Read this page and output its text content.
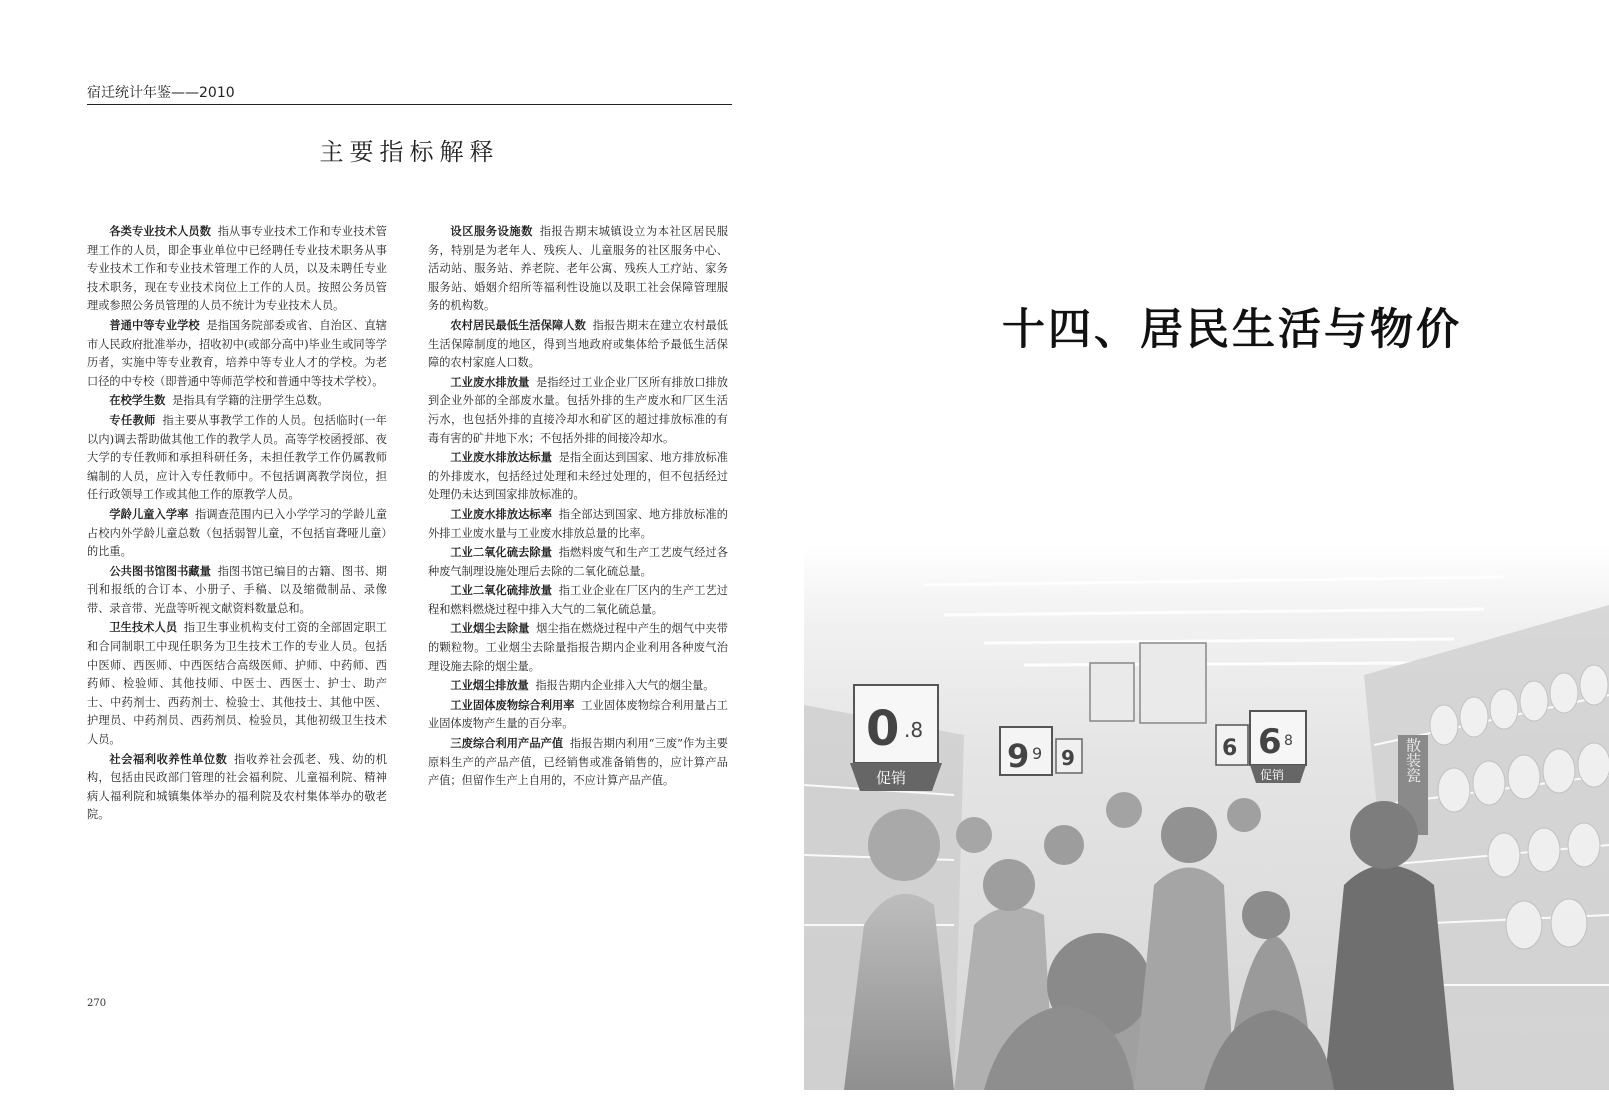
宿迁统计年鉴——2010
主要指标解释

各类专业技术人员数 指从事专业技术工作和专业技术管理工作的人员，即企事业单位中已经聘任专业技术职务从事专业技术工作和专业技术管理工作的人员，以及未聘任专业技术职务，现在专业技术岗位上工作的人员。按照公务员管理或参照公务员管理的人员不统计为专业技术人员。

普通中等专业学校 是指国务院部委或省、自治区、直辖市人民政府批准举办，招收初中(或部分高中)毕业生或同等学历者，实施中等专业教育，培养中等专业人才的学校。为老口径的中专校（即普通中等师范学校和普通中等技术学校）。

在校学生数 是指具有学籍的注册学生总数。

专任教师 指主要从事教学工作的人员。包括临时(一年以内)调去帮助做其他工作的教学人员。高等学校函授部、夜大学的专任教师和承担科研任务，未担任教学工作仍属教师编制的人员，应计入专任教师中。不包括调离教学岗位，担任行政领导工作或其他工作的原教学人员。

学龄儿童入学率 指调查范围内已入小学学习的学龄儿童占校内外学龄儿童总数（包括弱智儿童，不包括盲聋哑儿童）的比重。

公共图书馆图书藏量 指图书馆已编目的古籍、图书、期刊和报纸的合订本、小册子、手稿、以及缩微制品、录像带、录音带、光盘等听视文献资料数量总和。

卫生技术人员 指卫生事业机构支付工资的全部固定职工和合同制职工中现任职务为卫生技术工作的专业人员。包括中医师、西医师、中西医结合高级医师、护师、中药师、西药师、检验师、其他技师、中医士、西医士、护士、助产士、中药剂士、西药剂士、检验士、其他技士、其他中医、护理员、中药剂员、西药剂员、检验员，其他初级卫生技术人员。

社会福利收养性单位数 指收养社会孤老、残、幼的机构，包括由民政部门管理的社会福利院、儿童福利院、精神病人福利院和城镇集体举办的福利院及农村集体举办的敬老院。

设区服务设施数 指报告期末城镇设立为本社区居民服务，特别是为老年人、残疾人、儿童服务的社区服务中心、活动站、服务站、养老院、老年公寓、残疾人工疗站、家务服务站、婚姻介绍所等福利性设施以及职工社会保障管理服务的机构数。

农村居民最低生活保障人数 指报告期末在建立农村最低生活保障制度的地区，得到当地政府或集体给予最低生活保障的农村家庭人口数。

工业废水排放量 是指经过工业企业厂区所有排放口排放到企业外部的全部废水量。包括外排的生产废水和厂区生活污水，也包括外排的直接冷却水和矿区的超过排放标准的有毒有害的矿井地下水；不包括外排的间接冷却水。

工业废水排放达标量 是指全面达到国家、地方排放标准的外排废水，包括经过处理和未经过处理的，但不包括经过处理仍未达到国家排放标准的。

工业废水排放达标率 指全部达到国家、地方排放标准的外排工业废水量与工业废水排放总量的比率。

工业二氧化硫去除量 指燃料废气和生产工艺废气经过各种废气制理设施处理后去除的二氧化硫总量。

工业二氧化硫排放量 指工业企业在厂区内的生产工艺过程和燃料燃烧过程中排入大气的二氧化硫总量。

工业烟尘去除量 烟尘指在燃烧过程中产生的烟气中夹带的颗粒物。工业烟尘去除量指报告期内企业利用各种废气治理设施去除的烟尘量。

工业烟尘排放量 指报告期内企业排入大气的烟尘量。

工业固体废物综合利用率 工业固体废物综合利用量占工业固体废物产生量的百分率。

三废综合利用产品产值 指报告期内利用“三废”作为主要原料生产的产品产值，已经销售或准备销售的，应计算产品产值；但留作生产上自用的，不应计算产品产值。

270
十四、居民生活与物价
0 .8
促销
9 9 9	6 6 8
促销	散装瓷
